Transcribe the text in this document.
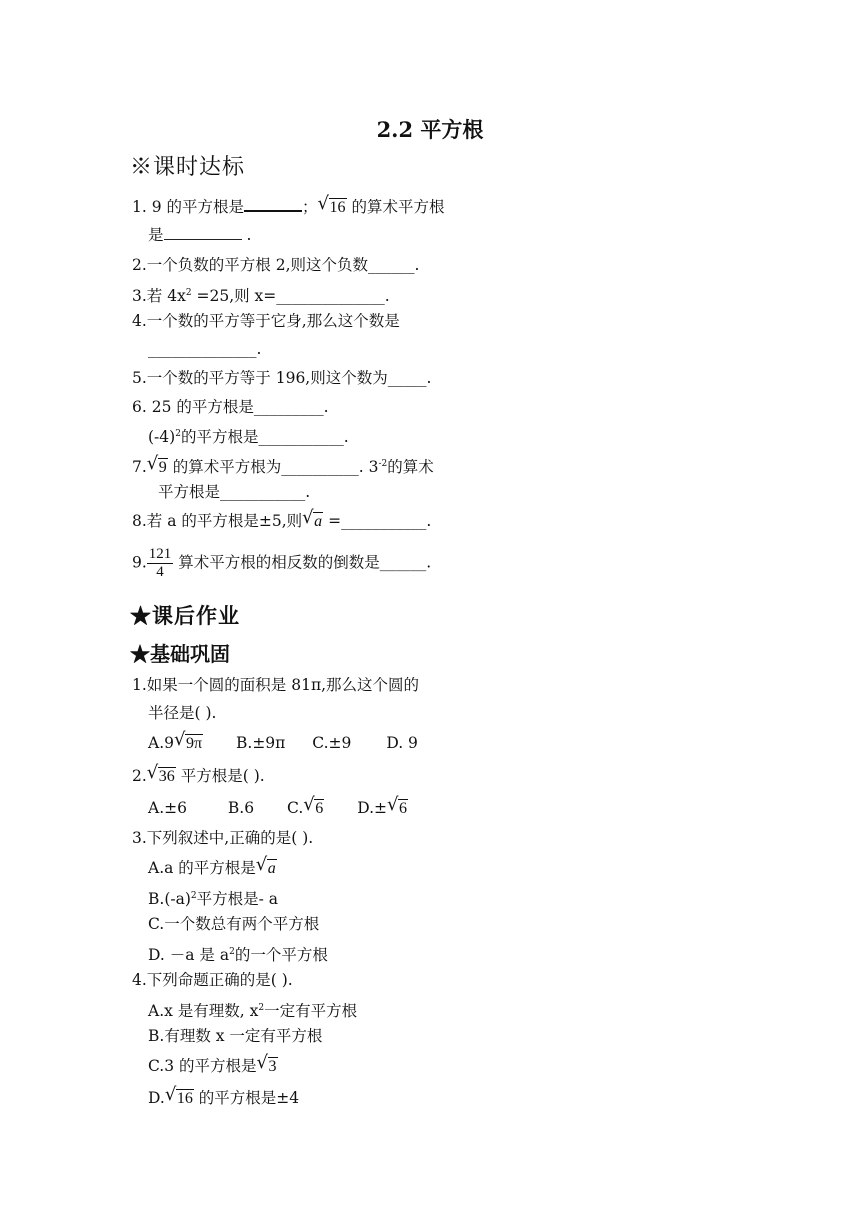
2.2 平方根
※课时达标
1. 9 的平方根是	； √ 16 的算术平方根
是	.
2.一个负数的平方根 2,则这个负数______.
3.若 $4x^2 =25$,则 x=______________.
4.一个数的平方等于它身,那么这个数是
______________.
5.一个数的平方等于 196,则这个数为_____.
6. 25 的平方根是_________.
$(-4)^2$的平方根是___________.
7. √ 9 的算术平方根为__________. $3^{-2}$的算术
平方根是___________.
8.若 a 的平方根是±5,则 √ a =___________.
9. $\frac{121}{4}$ 算术平方根的相反数的倒数是______.
★课后作业
★基础巩固
1.如果一个圆的面积是 81π,那么这个圆的
半径是( ).
A.9 √ 9π B.±9π C.±9 D. 9
2. √ 36 平方根是( ).
A.±6	B.6 C. √ 6 D.± √ 6
3.下列叙述中,正确的是( ).
A.a 的平方根是 √ a
$B.(-a)^2$平方根是- a
C.一个数总有两个平方根
D. －a 是 $a^2$的一个平方根
4.下列命题正确的是( ).
A.x 是有理数, $x^2$一定有平方根
B.有理数 x 一定有平方根
C.3 的平方根是 √ 3
D. √ 16 的平方根是±4
